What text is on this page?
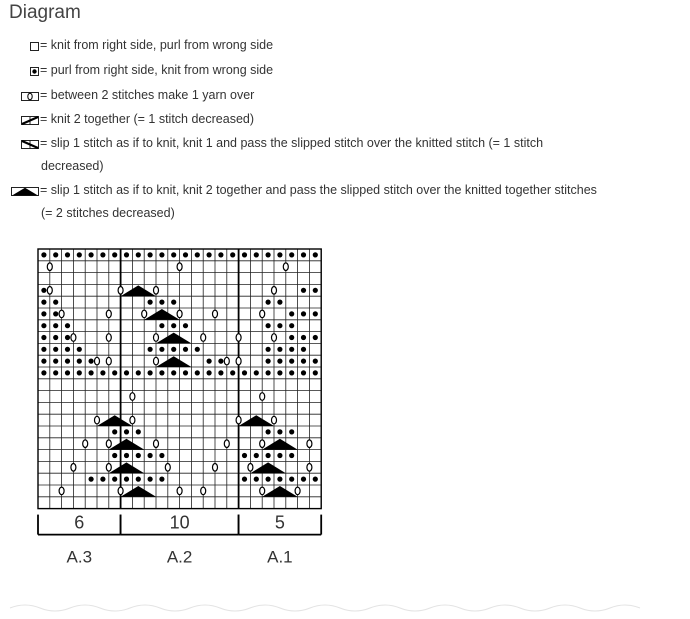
Diagram
= knit from right side, purl from wrong side
= purl from right side, knit from wrong side
= between 2 stitches make 1 yarn over
= knit 2 together (= 1 stitch decreased)
= slip 1 stitch as if to knit, knit 1 and pass the slipped stitch over the knitted stitch (= 1 stitch
decreased)
= slip 1 stitch as if to knit, knit 2 together and pass the slipped stitch over the knitted together stitches
(= 2 stitches decreased)
6
A.3
10
A.2
5
A.1
